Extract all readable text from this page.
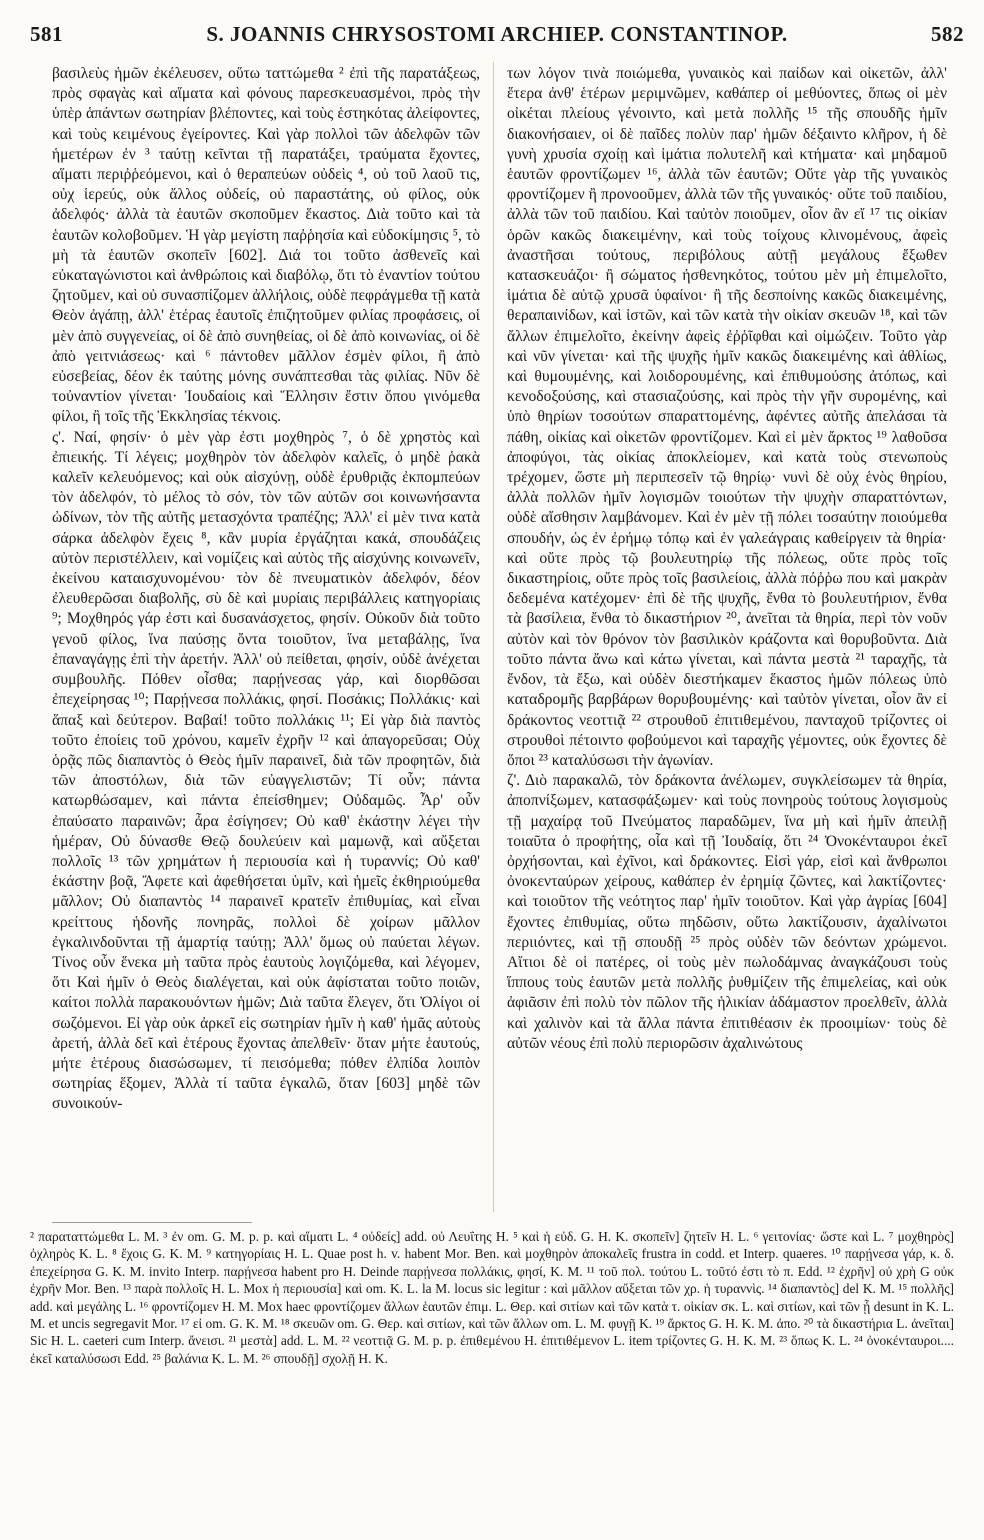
581	S. JOANNIS CHRYSOSTOMI ARCHIEP. CONSTANTINOP.	582

βασιλεὺς ἡμῶν ἐκέλευσεν, οὕτω ταττώμεθα ² ἐπὶ τῆς παρατάξεως, πρὸς σφαγὰς καὶ αἵματα καὶ φόνους παρεσκευασμένοι, πρὸς τὴν ὑπὲρ ἁπάντων σωτηρίαν βλέποντες, καὶ τοὺς ἑστηκότας ἀλείφοντες, καὶ τοὺς κειμένους ἐγείροντες. Καὶ γὰρ πολλοὶ τῶν ἀδελφῶν τῶν ἡμετέρων ἐν ³ ταύτῃ κεῖνται τῇ παρατάξει, τραύματα ἔχοντες, αἵματι περιῤῥεόμενοι, καὶ ὁ θεραπεύων οὐδεὶς ⁴, οὐ τοῦ λαοῦ τις, οὐχ ἱερεύς, οὐκ ἄλλος οὐδείς, οὐ παραστάτης, οὐ φίλος, οὐκ ἀδελφός· ἀλλὰ τὰ ἑαυτῶν σκοποῦμεν ἕκαστος. Διὰ τοῦτο καὶ τὰ ἑαυτῶν κολοβοῦμεν. Ἡ γὰρ μεγίστη παῤῥησία καὶ εὐδοκίμησις ⁵, τὸ μὴ τὰ ἑαυτῶν σκοπεῖν [602]. Διά τοι τοῦτο ἀσθενεῖς καὶ εὐκαταγώνιστοι καὶ ἀνθρώποις καὶ διαβόλῳ, ὅτι τὸ ἐναντίον τούτου ζητοῦμεν, καὶ οὐ συνασπίζομεν ἀλλήλοις, οὐδὲ πεφράγμεθα τῇ κατὰ Θεὸν ἀγάπῃ, ἀλλ' ἑτέρας ἑαυτοῖς ἐπιζητοῦμεν φιλίας προφάσεις, οἱ μὲν ἀπὸ συγγενείας, οἱ δὲ ἀπὸ συνηθείας, οἱ δὲ ἀπὸ κοινωνίας, οἱ δὲ ἀπὸ γειτνιάσεως· καὶ ⁶ πάντοθεν μᾶλλον ἐσμὲν φίλοι, ἢ ἀπὸ εὐσεβείας, δέον ἐκ ταύτης μόνης συνάπτεσθαι τὰς φιλίας. Νῦν δὲ τοὐναντίον γίνεται· Ἰουδαίοις καὶ Ἕλλησιν ἔστιν ὅπου γινόμεθα φίλοι, ἢ τοῖς τῆς Ἐκκλησίας τέκνοις.

ς'. Ναί, φησίν· ὁ μὲν γὰρ ἐστι μοχθηρὸς ⁷, ὁ δὲ χρηστὸς καὶ ἐπιεικής. Τί λέγεις; μοχθηρὸν τὸν ἀδελφὸν καλεῖς, ὁ μηδὲ ῥακὰ καλεῖν κελευόμενος; καὶ οὐκ αἰσχύνῃ, οὐδὲ ἐρυθριᾷς ἐκπομπεύων τὸν ἀδελφόν, τὸ μέλος τὸ σόν, τὸν τῶν αὐτῶν σοι κοινωνήσαντα ὠδίνων, τὸν τῆς αὐτῆς μετασχόντα τραπέζης; Ἀλλ' εἰ μὲν τινα κατὰ σάρκα ἀδελφὸν ἔχεις ⁸, κἂν μυρία ἐργάζηται κακά, σπουδάζεις αὐτὸν περιστέλλειν, καὶ νομίζεις καὶ αὐτὸς τῆς αἰσχύνης κοινωνεῖν, ἐκείνου καταισχυνομένου· τὸν δὲ πνευματικὸν ἀδελφόν, δέον ἐλευθερῶσαι διαβολῆς, σὺ δὲ καὶ μυρίαις περιβάλλεις κατηγορίαις ⁹; Μοχθηρός γάρ ἐστι καὶ δυσανάσχετος, φησίν. Οὐκοῦν διὰ τοῦτο γενοῦ φίλος, ἵνα παύσῃς ὄντα τοιοῦτον, ἵνα μεταβάλῃς, ἵνα ἐπαναγάγῃς ἐπὶ τὴν ἀρετήν. Ἀλλ' οὐ πείθεται, φησίν, οὐδὲ ἀνέχεται συμβουλῆς. Πόθεν οἶσθα; παρῄνεσας γάρ, καὶ διορθῶσαι ἐπεχείρησας ¹⁰; Παρῄνεσα πολλάκις, φησί. Ποσάκις; Πολλάκις· καὶ ἅπαξ καὶ δεύτερον. Βαβαί! τοῦτο πολλάκις ¹¹; Εἰ γὰρ διὰ παντὸς τοῦτο ἐποίεις τοῦ χρόνου, καμεῖν ἐχρῆν ¹² καὶ ἀπαγορεῦσαι; Οὐχ ὁρᾷς πῶς διαπαντὸς ὁ Θεὸς ἡμῖν παραινεῖ, διὰ τῶν προφητῶν, διὰ τῶν ἀποστόλων, διὰ τῶν εὐαγγελιστῶν; Τί οὖν; πάντα κατωρθώσαμεν, καὶ πάντα ἐπείσθημεν; Οὐδαμῶς. Ἆρ' οὖν ἐπαύσατο παραινῶν; ἆρα ἐσίγησεν; Οὐ καθ' ἑκάστην λέγει τὴν ἡμέραν, Οὐ δύνασθε Θεῷ δουλεύειν καὶ μαμωνᾷ, καὶ αὔξεται πολλοῖς ¹³ τῶν χρημάτων ἡ περιουσία καὶ ἡ τυραννίς; Οὐ καθ' ἑκάστην βοᾷ, Ἄφετε καὶ ἀφεθήσεται ὑμῖν, καὶ ἡμεῖς ἐκθηριούμεθα μᾶλλον; Οὐ διαπαντὸς ¹⁴ παραινεῖ κρατεῖν ἐπιθυμίας, καὶ εἶναι κρείττους ἡδονῆς πονηρᾶς, πολλοὶ δὲ χοίρων μᾶλλον ἐγκαλινδοῦνται τῇ ἁμαρτίᾳ ταύτῃ; Ἀλλ' ὅμως οὐ παύεται λέγων. Τίνος οὖν ἕνεκα μὴ ταῦτα πρὸς ἑαυτοὺς λογιζόμεθα, καὶ λέγομεν, ὅτι Καὶ ἡμῖν ὁ Θεὸς διαλέγεται, καὶ οὐκ ἀφίσταται τοῦτο ποιῶν, καίτοι πολλὰ παρακουόντων ἡμῶν; Διὰ ταῦτα ἔλεγεν, ὅτι Ὀλίγοι οἱ σωζόμενοι. Εἰ γὰρ οὐκ ἀρκεῖ εἰς σωτηρίαν ἡμῖν ἡ καθ' ἡμᾶς αὐτοὺς ἀρετή, ἀλλὰ δεῖ καὶ ἑτέρους ἔχοντας ἀπελθεῖν· ὅταν μήτε ἑαυτούς, μήτε ἑτέρους διασώσωμεν, τί πεισόμεθα; πόθεν ἐλπίδα λοιπὸν σωτηρίας ἕξομεν, Ἀλλὰ τί ταῦτα ἐγκαλῶ, ὅταν [603] μηδὲ τῶν συνοικούν-

των λόγον τινὰ ποιώμεθα, γυναικὸς καὶ παίδων καὶ οἰκετῶν, ἀλλ' ἕτερα ἀνθ' ἑτέρων μεριμνῶμεν, καθάπερ οἱ μεθύοντες, ὅπως οἱ μὲν οἰκέται πλείους γένοιντο, καὶ μετὰ πολλῆς ¹⁵ τῆς σπουδῆς ἡμῖν διακονήσαιεν, οἱ δὲ παῖδες πολὺν παρ' ἡμῶν δέξαιντο κλῆρον, ἡ δὲ γυνὴ χρυσία σχοίῃ καὶ ἱμάτια πολυτελῆ καὶ κτήματα· καὶ μηδαμοῦ ἑαυτῶν φροντίζωμεν ¹⁶, ἀλλὰ τῶν ἑαυτῶν; Οὔτε γὰρ τῆς γυναικὸς φροντίζομεν ἢ προνοοῦμεν, ἀλλὰ τῶν τῆς γυναικός· οὔτε τοῦ παιδίου, ἀλλὰ τῶν τοῦ παιδίου. Καὶ ταὐτὸν ποιοῦμεν, οἷον ἂν εἴ ¹⁷ τις οἰκίαν ὁρῶν κακῶς διακειμένην, καὶ τοὺς τοίχους κλινομένους, ἀφεὶς ἀναστῆσαι τούτους, περιβόλους αὐτῇ μεγάλους ἔξωθεν κατασκευάζοι· ἢ σώματος ἠσθενηκότος, τούτου μὲν μὴ ἐπιμελοῖτο, ἱμάτια δὲ αὐτῷ χρυσᾶ ὑφαίνοι· ἢ τῆς δεσποίνης κακῶς διακειμένης, θεραπαινίδων, καὶ ἱστῶν, καὶ τῶν κατὰ τὴν οἰκίαν σκευῶν ¹⁸, καὶ τῶν ἄλλων ἐπιμελοῖτο, ἐκείνην ἀφεὶς ἐῤῥῖφθαι καὶ οἰμώζειν. Τοῦτο γὰρ καὶ νῦν γίνεται· καὶ τῆς ψυχῆς ἡμῖν κακῶς διακειμένης καὶ ἀθλίως, καὶ θυμουμένης, καὶ λοιδορουμένης, καὶ ἐπιθυμούσης ἀτόπως, καὶ κενοδοξούσης, καὶ στασιαζούσης, καὶ πρὸς τὴν γῆν συρομένης, καὶ ὑπὸ θηρίων τοσούτων σπαραττομένης, ἀφέντες αὐτῆς ἀπελάσαι τὰ πάθη, οἰκίας καὶ οἰκετῶν φροντίζομεν. Καὶ εἰ μὲν ἄρκτος ¹⁹ λαθοῦσα ἀποφύγοι, τὰς οἰκίας ἀποκλείομεν, καὶ κατὰ τοὺς στενωποὺς τρέχομεν, ὥστε μὴ περιπεσεῖν τῷ θηρίῳ· νυνὶ δὲ οὐχ ἑνὸς θηρίου, ἀλλὰ πολλῶν ἡμῖν λογισμῶν τοιούτων τὴν ψυχὴν σπαραττόντων, οὐδὲ αἴσθησιν λαμβάνομεν. Καὶ ἐν μὲν τῇ πόλει τοσαύτην ποιούμεθα σπουδήν, ὡς ἐν ἐρήμῳ τόπῳ καὶ ἐν γαλεάγραις καθείργειν τὰ θηρία· καὶ οὔτε πρὸς τῷ βουλευτηρίῳ τῆς πόλεως, οὔτε πρὸς τοῖς δικαστηρίοις, οὔτε πρὸς τοῖς βασιλείοις, ἀλλὰ πόῤῥω που καὶ μακρὰν δεδεμένα κατέχομεν· ἐπὶ δὲ τῆς ψυχῆς, ἔνθα τὸ βουλευτήριον, ἔνθα τὰ βασίλεια, ἔνθα τὸ δικαστήριον ²⁰, ἀνεῖται τὰ θηρία, περὶ τὸν νοῦν αὐτὸν καὶ τὸν θρόνον τὸν βασιλικὸν κράζοντα καὶ θορυβοῦντα. Διὰ τοῦτο πάντα ἄνω καὶ κάτω γίνεται, καὶ πάντα μεστὰ ²¹ ταραχῆς, τὰ ἔνδον, τὰ ἔξω, καὶ οὐδὲν διεστήκαμεν ἕκαστος ἡμῶν πόλεως ὑπὸ καταδρομῆς βαρβάρων θορυβουμένης· καὶ ταὐτὸν γίνεται, οἷον ἂν εἰ δράκοντος νεοττιᾷ ²² στρουθοῦ ἐπιτιθεμένου, πανταχοῦ τρίζοντες οἱ στρουθοὶ πέτοιντο φοβούμενοι καὶ ταραχῆς γέμοντες, οὐκ ἔχοντες δὲ ὅποι ²³ καταλύσωσι τὴν ἀγωνίαν.

ζ'. Διὸ παρακαλῶ, τὸν δράκοντα ἀνέλωμεν, συγκλείσωμεν τὰ θηρία, ἀποπνίξωμεν, κατασφάξωμεν· καὶ τοὺς πονηροὺς τούτους λογισμοὺς τῇ μαχαίρᾳ τοῦ Πνεύματος παραδῶμεν, ἵνα μὴ καὶ ἡμῖν ἀπειλῇ τοιαῦτα ὁ προφήτης, οἷα καὶ τῇ Ἰουδαίᾳ, ὅτι ²⁴ Ὀνοκένταυροι ἐκεῖ ὀρχήσονται, καὶ ἐχῖνοι, καὶ δράκοντες. Εἰσὶ γάρ, εἰσὶ καὶ ἄνθρωποι ὀνοκενταύρων χείρους, καθάπερ ἐν ἐρημίᾳ ζῶντες, καὶ λακτίζοντες· καὶ τοιοῦτον τῆς νεότητος παρ' ἡμῖν τοιοῦτον. Καὶ γὰρ ἀγρίας [604] ἔχοντες ἐπιθυμίας, οὕτω πηδῶσιν, οὕτω λακτίζουσιν, ἀχαλίνωτοι περιιόντες, καὶ τῇ σπουδῇ ²⁵ πρὸς οὐδὲν τῶν δεόντων χρώμενοι. Αἴτιοι δὲ οἱ πατέρες, οἱ τοὺς μὲν πωλοδάμνας ἀναγκάζουσι τοὺς ἵππους τοὺς ἑαυτῶν μετὰ πολλῆς ῥυθμίζειν τῆς ἐπιμελείας, καὶ οὐκ ἀφιᾶσιν ἐπὶ πολὺ τὸν πῶλον τῆς ἡλικίαν ἀδάμαστον προελθεῖν, ἀλλὰ καὶ χαλινὸν καὶ τὰ ἄλλα πάντα ἐπιτιθέασιν ἐκ προοιμίων· τοὺς δὲ αὐτῶν νέους ἐπὶ πολὺ περιορῶσιν ἀχαλινώτους

² παραταττώμεθα L. M. ³ ἐν om. G. M. p. p. καὶ αἵματι L. ⁴ οὐδείς] add. οὐ Λευΐτης H. ⁵ καὶ ἡ εὐδ. G. H. K. σκοπεῖν] ζητεῖν H. L. ⁶ γειτονίας· ὥστε καὶ L. ⁷ μοχθηρὸς] ὀχληρὸς K. L. ⁸ ἔχοις G. K. M. ⁹ κατηγορίαις H. L. Quae post h. v. habent Mor. Ben. καὶ μοχθηρὸν ἀποκαλεῖς frustra in codd. et Interp. quaeres. ¹⁰ παρῄνεσα γάρ, κ. δ. ἐπεχείρησα G. K. M. invito Interp. παρῄνεσα habent pro H. Deinde παρῄνεσα πολλάκις, φησί, K. M. ¹¹ τοῦ πολ. τούτου L. τοῦτό ἐστι τὸ π. Edd. ¹² ἐχρῆν] οὐ χρὴ G οὐκ ἐχρῆν Mor. Ben. ¹³ παρὰ πολλοῖς H. L. Mox ἡ περιουσία] καὶ om. K. L. la M. locus sic legitur : καὶ μᾶλλον αὔξεται τῶν χρ. ἡ τυραννὶς. ¹⁴ διαπαντὸς] del K. M. ¹⁵ πολλῆς] add. καὶ μεγάλης L. ¹⁶ φροντίζομεν H. M. Mox haec φροντίζομεν ἄλλων ἑαυτῶν ἐπιμ. L. Θερ. καὶ σιτίων καὶ τῶν κατὰ τ. οἰκίαν σκ. L. καὶ σιτίων, καὶ τῶν ᾗ desunt in K. L. M. et uncis segregavit Mor. ¹⁷ εἰ om. G. K. M. ¹⁸ σκευῶν om. G. Θερ. καὶ σιτίων, καὶ τῶν ἄλλων om. L. M. φυγῇ K. ¹⁹ ἄρκτος G. H. K. M. ἀπο. ²⁰ τὰ δικαστήρια L. ἀνεῖται] Sic H. L. caeteri cum Interp. ἄνεισι. ²¹ μεστὰ] add. L. M. ²² νεοττιᾷ G. M. p. p. ἐπιθεμένου H. ἐπιτιθέμενον L. item τρίζοντες G. H. K. M. ²³ ὅπως K. L. ²⁴ ὀνοκένταυροι.... ἐκεῖ καταλύσωσι Edd. ²⁵ βαλάνια K. L. M. ²⁶ σπουδῇ] σχολῇ H. K.
